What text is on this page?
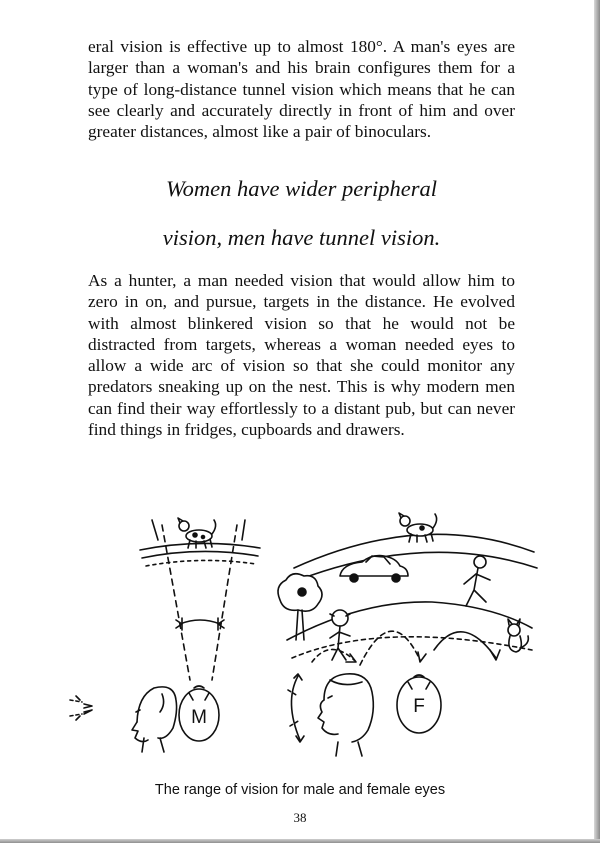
eral vision is effective up to almost 180°. A man's eyes are larger than a woman's and his brain configures them for a type of long-distance tunnel vision which means that he can see clearly and accurately directly in front of him and over greater distances, almost like a pair of binoculars.

Women have wider peripheral

vision, men have tunnel vision.

As a hunter, a man needed vision that would allow him to zero in on, and pursue, targets in the distance. He evolved with almost blinkered vision so that he would not be distracted from targets, whereas a woman needed eyes to allow a wide arc of vision so that she could monitor any predators sneaking up on the nest. This is why modern men can find their way effortlessly to a distant pub, but can never find things in fridges, cupboards and drawers.

M
F

The range of vision for male and female eyes

38
